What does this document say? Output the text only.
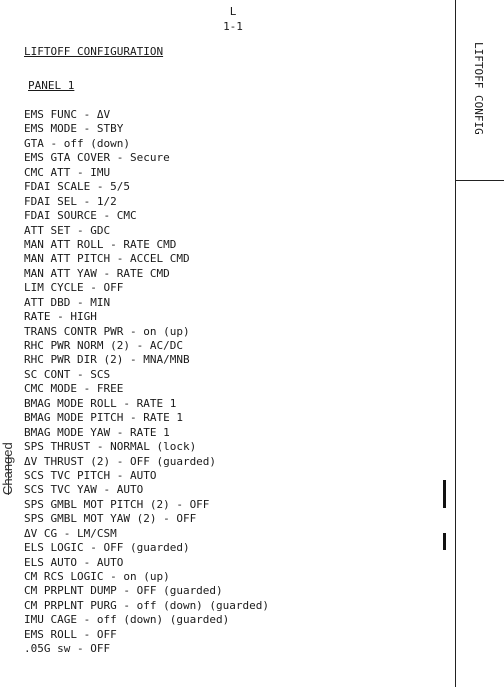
L
1-1
LIFTOFF CONFIGURATION
PANEL 1
EMS FUNC - ΔV
EMS MODE - STBY
GTA - off (down)
EMS GTA COVER - Secure
CMC ATT - IMU
FDAI SCALE - 5/5
FDAI SEL - 1/2
FDAI SOURCE - CMC
ATT SET - GDC
MAN ATT ROLL - RATE CMD
MAN ATT PITCH - ACCEL CMD
MAN ATT YAW - RATE CMD
LIM CYCLE - OFF
ATT DBD - MIN
RATE - HIGH
TRANS CONTR PWR - on (up)
RHC PWR NORM (2) - AC/DC
RHC PWR DIR (2) - MNA/MNB
SC CONT - SCS
CMC MODE - FREE
BMAG MODE ROLL - RATE 1
BMAG MODE PITCH - RATE 1
BMAG MODE YAW - RATE 1
SPS THRUST - NORMAL (lock)
ΔV THRUST (2) - OFF (guarded)
SCS TVC PITCH - AUTO
SCS TVC YAW - AUTO
SPS GMBL MOT PITCH (2) - OFF
SPS GMBL MOT YAW (2) - OFF
ΔV CG - LM/CSM
ELS LOGIC - OFF (guarded)
ELS AUTO - AUTO
CM RCS LOGIC - on (up)
CM PRPLNT DUMP - OFF (guarded)
CM PRPLNT PURG - off (down) (guarded)
IMU CAGE - off (down) (guarded)
EMS ROLL - OFF
.05G sw - OFF
LIFTOFF CONFIG
Changed
